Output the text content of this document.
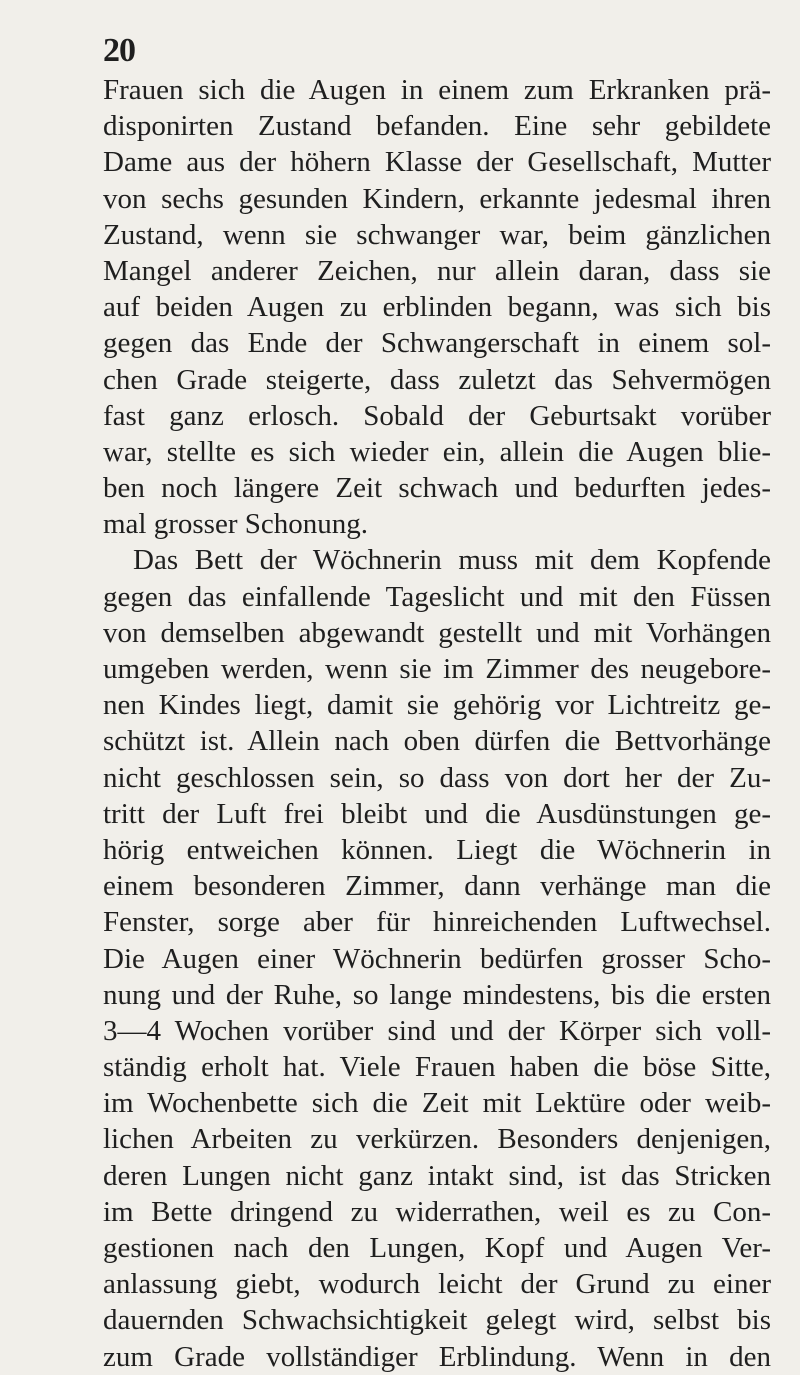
20
Frauen sich die Augen in einem zum Erkranken prä-
disponirten Zustand befanden. Eine sehr gebildete
Dame aus der höhern Klasse der Gesellschaft, Mutter
von sechs gesunden Kindern, erkannte jedesmal ihren
Zustand, wenn sie schwanger war, beim gänzlichen
Mangel anderer Zeichen, nur allein daran, dass sie
auf beiden Augen zu erblinden begann, was sich bis
gegen das Ende der Schwangerschaft in einem sol-
chen Grade steigerte, dass zuletzt das Sehvermögen
fast ganz erlosch. Sobald der Geburtsakt vorüber
war, stellte es sich wieder ein, allein die Augen blie-
ben noch längere Zeit schwach und bedurften jedes-
mal grosser Schonung.
Das Bett der Wöchnerin muss mit dem Kopfende
gegen das einfallende Tageslicht und mit den Füssen
von demselben abgewandt gestellt und mit Vorhängen
umgeben werden, wenn sie im Zimmer des neugebore-
nen Kindes liegt, damit sie gehörig vor Lichtreitz ge-
schützt ist. Allein nach oben dürfen die Bettvorhänge
nicht geschlossen sein, so dass von dort her der Zu-
tritt der Luft frei bleibt und die Ausdünstungen ge-
hörig entweichen können. Liegt die Wöchnerin in
einem besonderen Zimmer, dann verhänge man die
Fenster, sorge aber für hinreichenden Luftwechsel.
Die Augen einer Wöchnerin bedürfen grosser Scho-
nung und der Ruhe, so lange mindestens, bis die ersten
3—4 Wochen vorüber sind und der Körper sich voll-
ständig erholt hat. Viele Frauen haben die böse Sitte,
im Wochenbette sich die Zeit mit Lektüre oder weib-
lichen Arbeiten zu verkürzen. Besonders denjenigen,
deren Lungen nicht ganz intakt sind, ist das Stricken
im Bette dringend zu widerrathen, weil es zu Con-
gestionen nach den Lungen, Kopf und Augen Ver-
anlassung giebt, wodurch leicht der Grund zu einer
dauernden Schwachsichtigkeit gelegt wird, selbst bis
zum Grade vollständiger Erblindung. Wenn in den
